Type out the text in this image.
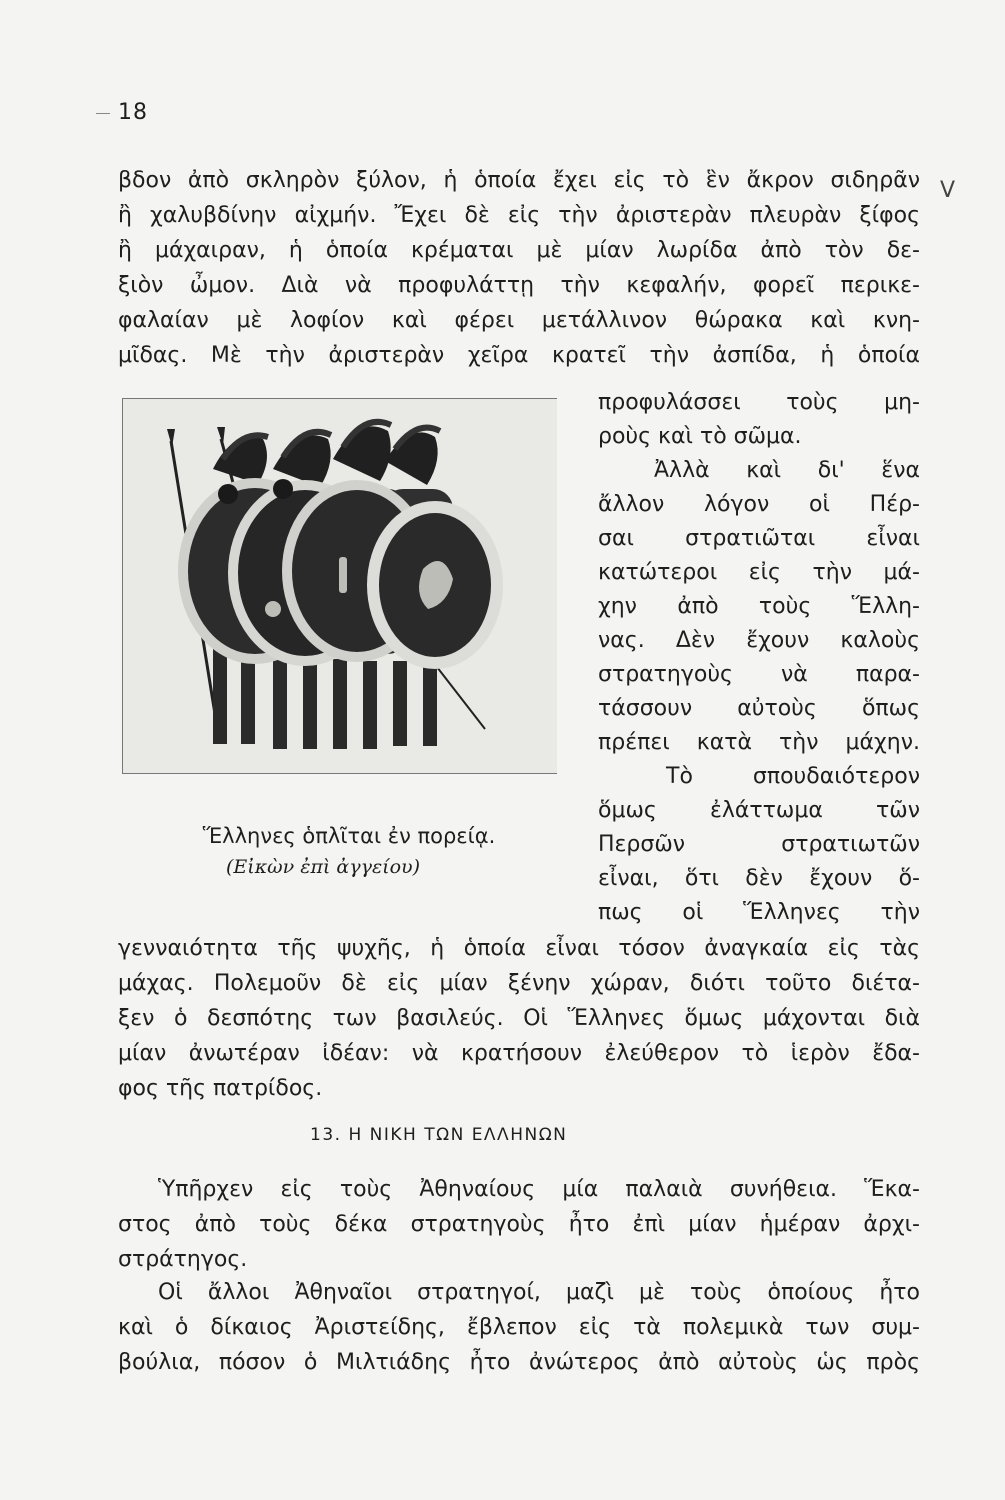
18
V
βδον ἀπὸ σκληρὸν ξύλον, ἡ ὁποία ἔχει εἰς τὸ ἓν ἄκρον σιδηρᾶν
ἢ χαλυβδίνην αἰχμήν. Ἔχει δὲ εἰς τὴν ἀριστερὰν πλευρὰν ξίφος
ἢ μάχαιραν, ἡ ὁποία κρέμαται μὲ μίαν λωρίδα ἀπὸ τὸν δε-
ξιὸν ὦμον. Διὰ νὰ προφυλάττῃ τὴν κεφαλήν, φορεῖ περικε-
φαλαίαν μὲ λοφίον καὶ φέρει μετάλλινον θώρακα καὶ κνη-
μῖδας. Μὲ τὴν ἀριστερὰν χεῖρα κρατεῖ τὴν ἀσπίδα, ἡ ὁποία
Ἕλληνες ὁπλῖται ἐν πορείᾳ.
(Εἰκὼν ἐπὶ ἀγγείου)
προφυλάσσει τοὺς μη-
ροὺς καὶ τὸ σῶμα.
Ἀλλὰ καὶ δι' ἕνα
ἄλλον λόγον οἱ Πέρ-
σαι στρατιῶται εἶναι
κατώτεροι εἰς τὴν μά-
χην ἀπὸ τοὺς Ἕλλη-
νας. Δὲν ἔχουν καλοὺς
στρατηγοὺς νὰ παρα-
τάσσουν αὐτοὺς ὅπως
πρέπει κατὰ τὴν μάχην.
Τὸ σπουδαιότερον
ὅμως ἐλάττωμα τῶν
Περσῶν στρατιωτῶν
εἶναι, ὅτι δὲν ἔχουν ὅ-
πως οἱ Ἕλληνες τὴν
γενναιότητα τῆς ψυχῆς, ἡ ὁποία εἶναι τόσον ἀναγκαία εἰς τὰς
μάχας. Πολεμοῦν δὲ εἰς μίαν ξένην χώραν, διότι τοῦτο διέτα-
ξεν ὁ δεσπότης των βασιλεύς. Οἱ Ἕλληνες ὅμως μάχονται διὰ
μίαν ἀνωτέραν ἰδέαν: νὰ κρατήσουν ἐλεύθερον τὸ ἱερὸν ἔδα-
φος τῆς πατρίδος.
13. Η ΝΙΚΗ ΤΩΝ ΕΛΛΗΝΩΝ
Ὑπῆρχεν εἰς τοὺς Ἀθηναίους μία παλαιὰ συνήθεια. Ἕκα-
στος ἀπὸ τοὺς δέκα στρατηγοὺς ἦτο ἐπὶ μίαν ἡμέραν ἀρχι-
στράτηγος.
Οἱ ἄλλοι Ἀθηναῖοι στρατηγοί, μαζὶ μὲ τοὺς ὁποίους ἦτο
καὶ ὁ δίκαιος Ἀριστείδης, ἔβλεπον εἰς τὰ πολεμικὰ των συμ-
βούλια, πόσον ὁ Μιλτιάδης ἦτο ἀνώτερος ἀπὸ αὐτοὺς ὡς πρὸς
